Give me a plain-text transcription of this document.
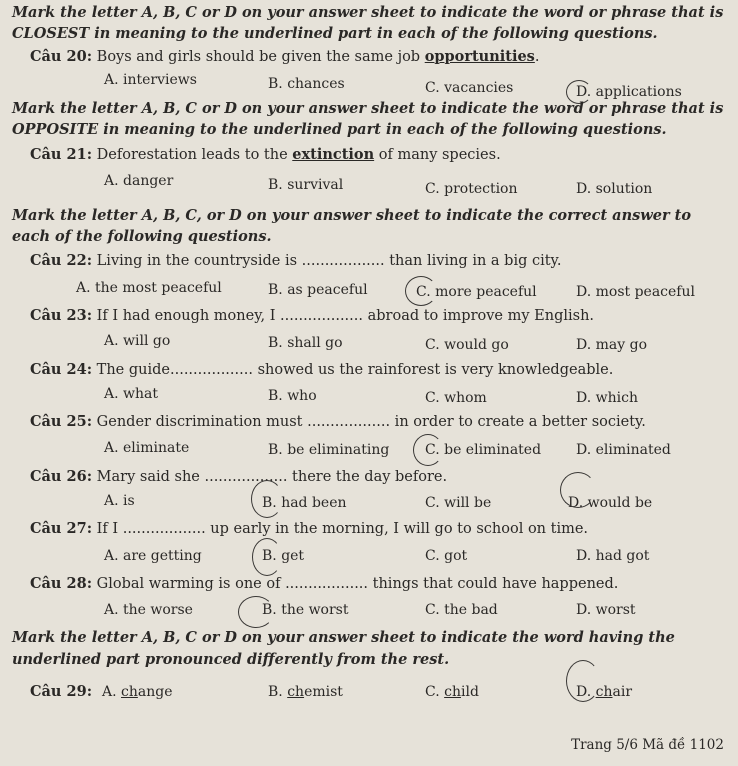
Mark the letter A, B, C or D on your answer sheet to indicate the word or phrase that is CLOSEST in meaning to the underlined part in each of the following questions.
Câu 20: Boys and girls should be given the same job opportunities.
A. interviews	B. chances	C. vacancies	D. applications
Mark the letter A, B, C or D on your answer sheet to indicate the word or phrase that is OPPOSITE in meaning to the underlined part in each of the following questions.
Câu 21: Deforestation leads to the extinction of many species.
A. danger	B. survival	C. protection	D. solution
Mark the letter A, B, C, or D on your answer sheet to indicate the correct answer to each of the following questions.
Câu 22: Living in the countryside is .................. than living in a big city.
A. the most peaceful	B. as peaceful	C. more peaceful	D. most peaceful
Câu 23: If I had enough money, I .................. abroad to improve my English.
A. will go	B. shall go	C. would go	D. may go
Câu 24: The guide.................. showed us the rainforest is very knowledgeable.
A. what	B. who	C. whom	D. which
Câu 25: Gender discrimination must .................. in order to create a better society.
A. eliminate	B. be eliminating	C. be eliminated D. eliminated
Câu 26: Mary said she .................. there the day before.
A. is	B. had been	C. will be	D. would be
Câu 27: If I .................. up early in the morning, I will go to school on time.
A. are getting	B. get	C. got	D. had got
Câu 28: Global warming is one of .................. things that could have happened.
A. the worse	B. the worst	C. the bad	D. worst
Mark the letter A, B, C or D on your answer sheet to indicate the word having the underlined part pronounced differently from the rest.
Câu 29: A. change	B. chemist	C. child	D. chair
Trang 5/6 Mã đề 1102
